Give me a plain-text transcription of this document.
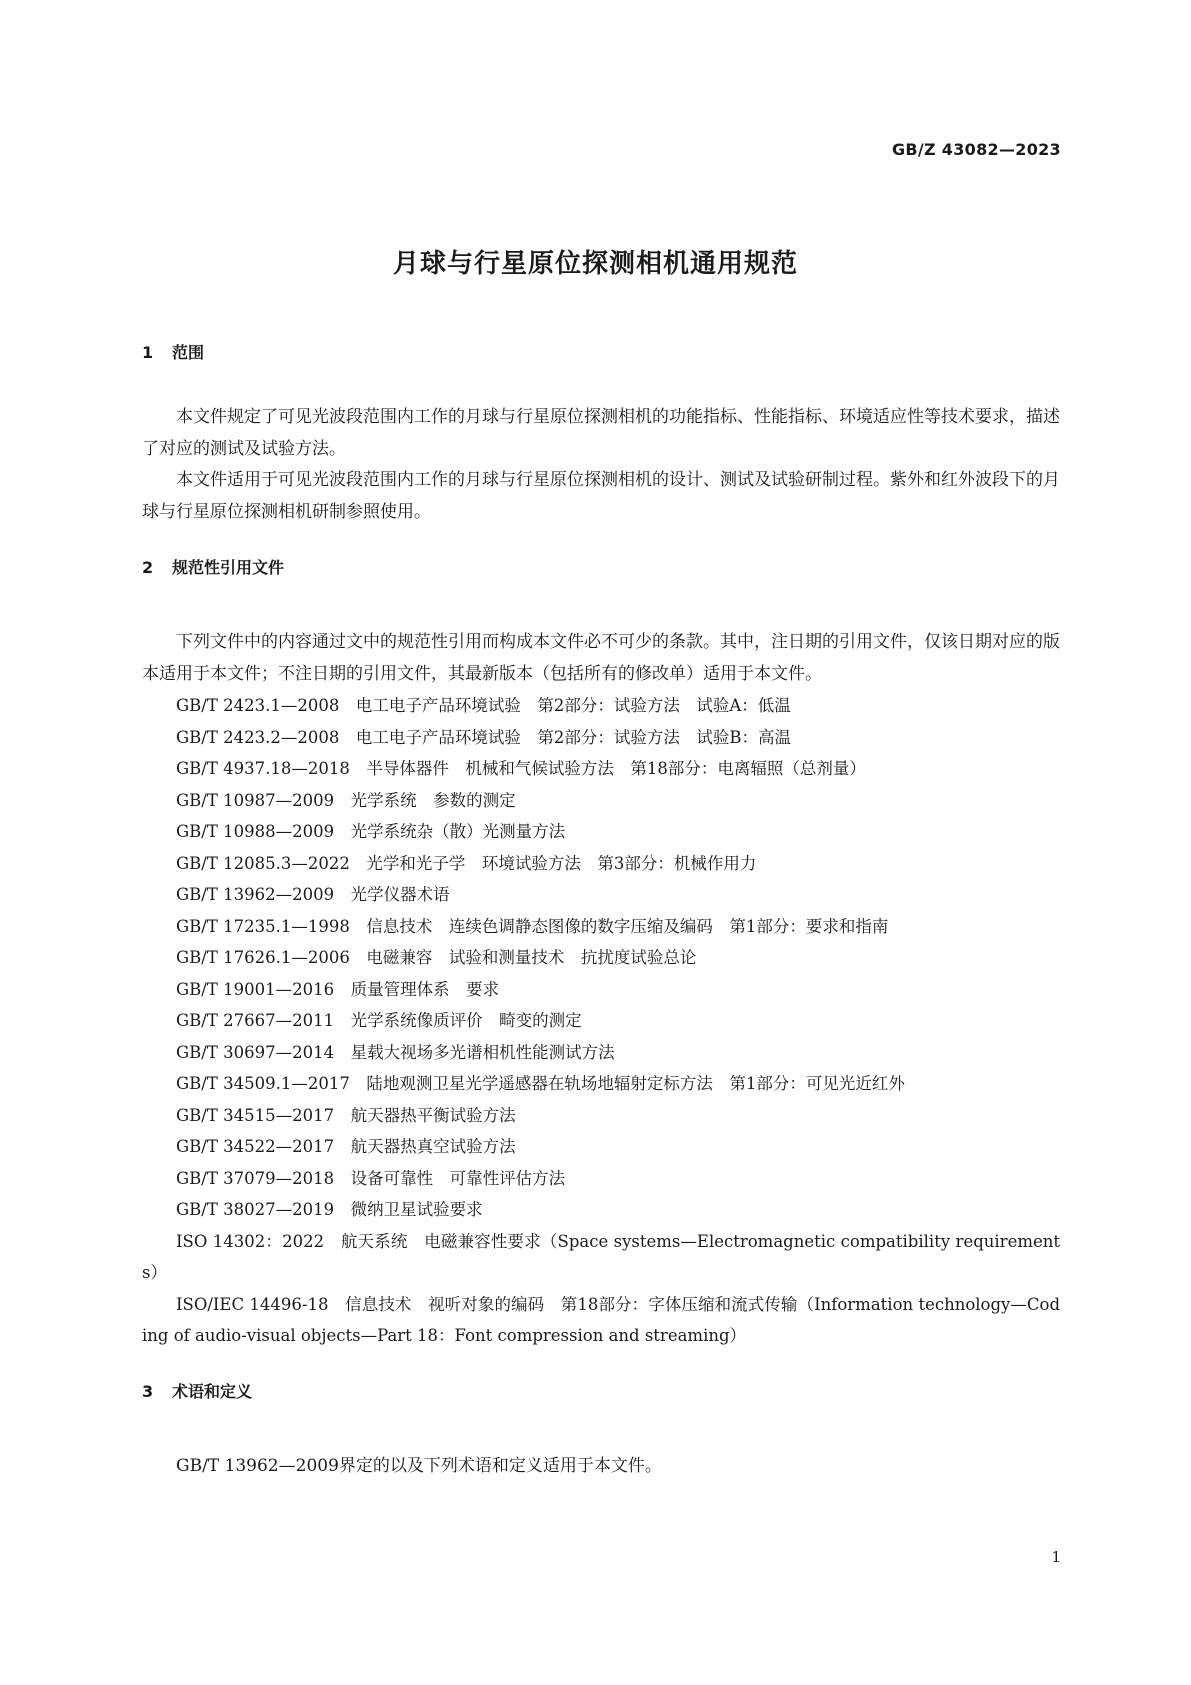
GB/Z 43082—2023
月球与行星原位探测相机通用规范
1 范围

本文件规定了可见光波段范围内工作的月球与行星原位探测相机的功能指标、性能指标、环境适应性等技术要求，描述了对应的测试及试验方法。

本文件适用于可见光波段范围内工作的月球与行星原位探测相机的设计、测试及试验研制过程。紫外和红外波段下的月球与行星原位探测相机研制参照使用。

2 规范性引用文件

下列文件中的内容通过文中的规范性引用而构成本文件必不可少的条款。其中，注日期的引用文件，仅该日期对应的版本适用于本文件；不注日期的引用文件，其最新版本（包括所有的修改单）适用于本文件。

GB/T 2423.1—2008　电工电子产品环境试验　第2部分：试验方法　试验A：低温

GB/T 2423.2—2008　电工电子产品环境试验　第2部分：试验方法　试验B：高温

GB/T 4937.18—2018　半导体器件　机械和气候试验方法　第18部分：电离辐照（总剂量）

GB/T 10987—2009　光学系统　参数的测定

GB/T 10988—2009　光学系统杂（散）光测量方法

GB/T 12085.3—2022　光学和光子学　环境试验方法　第3部分：机械作用力

GB/T 13962—2009　光学仪器术语

GB/T 17235.1—1998　信息技术　连续色调静态图像的数字压缩及编码　第1部分：要求和指南

GB/T 17626.1—2006　电磁兼容　试验和测量技术　抗扰度试验总论

GB/T 19001—2016　质量管理体系　要求

GB/T 27667—2011　光学系统像质评价　畸变的测定

GB/T 30697—2014　星载大视场多光谱相机性能测试方法

GB/T 34509.1—2017　陆地观测卫星光学遥感器在轨场地辐射定标方法　第1部分：可见光近红外

GB/T 34515—2017　航天器热平衡试验方法

GB/T 34522—2017　航天器热真空试验方法

GB/T 37079—2018　设备可靠性　可靠性评估方法

GB/T 38027—2019　微纳卫星试验要求

ISO 14302：2022　航天系统　电磁兼容性要求（Space systems—Electromagnetic compatibility requirements）

ISO/IEC 14496-18　信息技术　视听对象的编码　第18部分：字体压缩和流式传输（Information technology—Coding of audio-visual objects—Part 18：Font compression and streaming）

3 术语和定义

GB/T 13962—2009界定的以及下列术语和定义适用于本文件。

1
